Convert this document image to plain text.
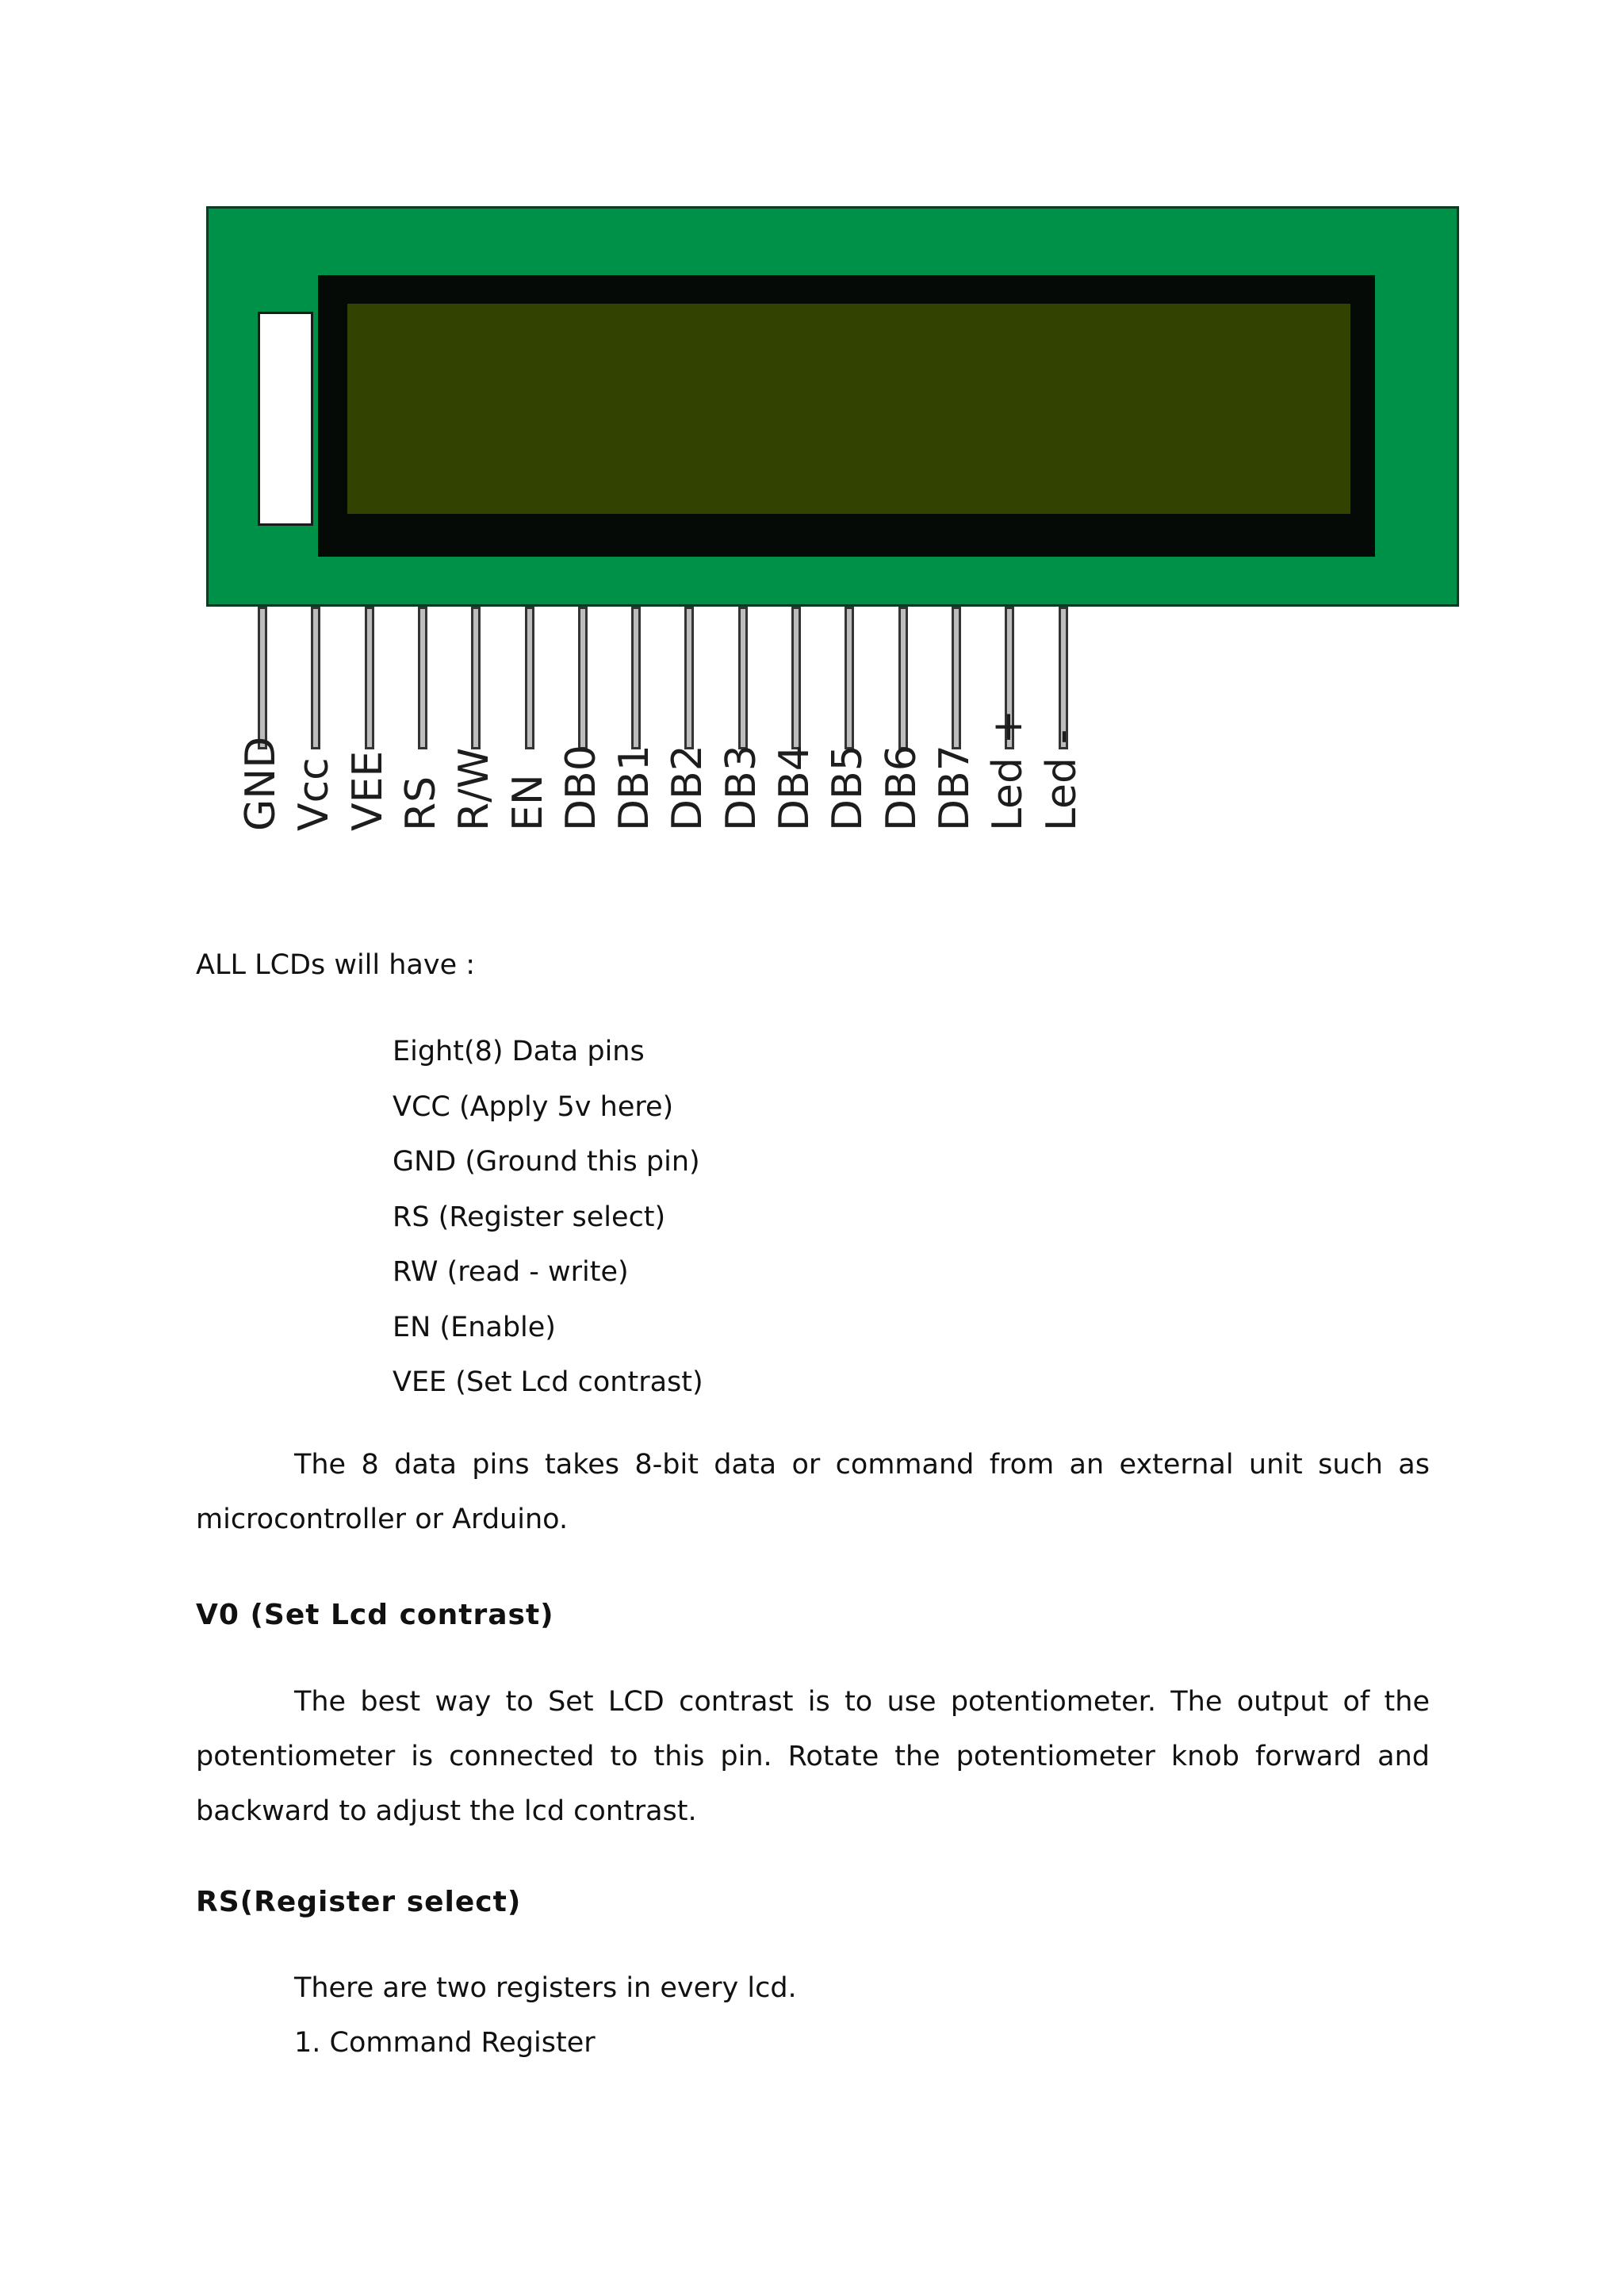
GND Vcc VEE RS R/W EN DB0 DB1 DB2 DB3 DB4 DB5 DB6 DB7 Led + Led -
ALL LCDs will have :
Eight(8) Data pins
VCC (Apply 5v here)
GND (Ground this pin)
RS (Register select)
RW (read - write)
EN (Enable)
VEE (Set Lcd contrast)

The 8 data pins takes 8-bit data or command from an external unit such as microcontroller or Arduino.

V0 (Set Lcd contrast)

The best way to Set LCD contrast is to use potentiometer. The output of the potentiometer is connected to this pin. Rotate the potentiometer knob forward and backward to adjust the lcd contrast.

RS(Register select)
There are two registers in every lcd.
1. Command Register
